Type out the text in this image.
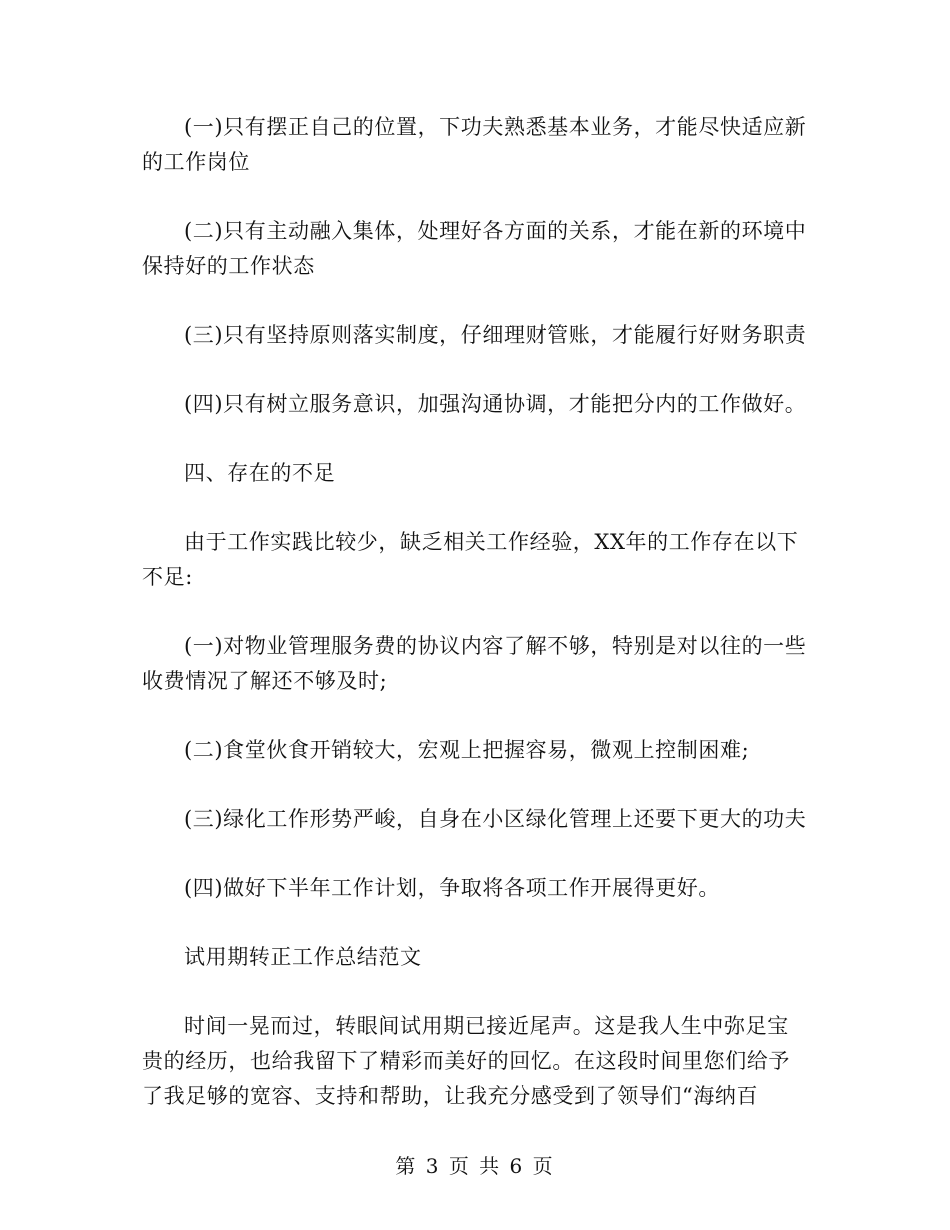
(一)只有摆正自己的位置，下功夫熟悉基本业务，才能尽快适应新的工作岗位

(二)只有主动融入集体，处理好各方面的关系，才能在新的环境中保持好的工作状态

(三)只有坚持原则落实制度，仔细理财管账，才能履行好财务职责

(四)只有树立服务意识，加强沟通协调，才能把分内的工作做好。

四、存在的不足

由于工作实践比较少，缺乏相关工作经验，XX年的工作存在以下不足:

(一)对物业管理服务费的协议内容了解不够，特别是对以往的一些收费情况了解还不够及时;

(二)食堂伙食开销较大，宏观上把握容易，微观上控制困难;

(三)绿化工作形势严峻，自身在小区绿化管理上还要下更大的功夫

(四)做好下半年工作计划，争取将各项工作开展得更好。

试用期转正工作总结范文

时间一晃而过，转眼间试用期已接近尾声。这是我人生中弥足宝贵的经历，也给我留下了精彩而美好的回忆。在这段时间里您们给予了我足够的宽容、支持和帮助，让我充分感受到了领导们“海纳百

第 3 页 共 6 页
